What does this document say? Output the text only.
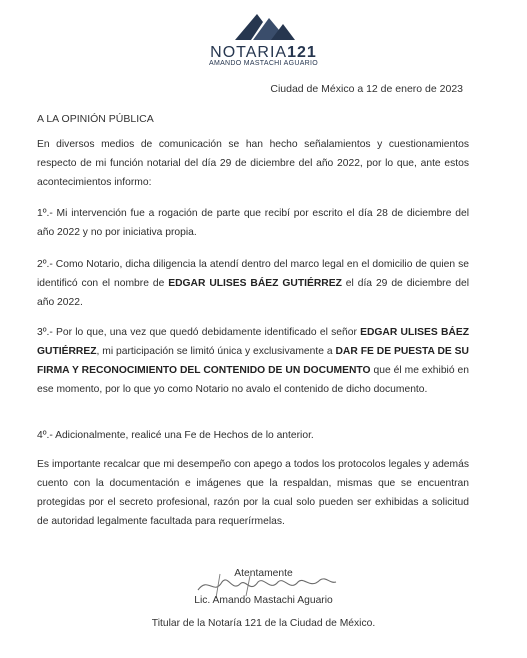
NOTARIA121
AMANDO MASTACHI AGUARIO
Ciudad de México a 12 de enero de 2023
A LA OPINIÓN PÚBLICA
En diversos medios de comunicación se han hecho señalamientos y cuestionamientos respecto de mi función notarial del día 29 de diciembre del año 2022, por lo que, ante estos acontecimientos informo:
1º.- Mi intervención fue a rogación de parte que recibí por escrito el día 28 de diciembre del año 2022 y no por iniciativa propia.
2º.- Como Notario, dicha diligencia la atendí dentro del marco legal en el domicilio de quien se identificó con el nombre de EDGAR ULISES BÁEZ GUTIÉRREZ el día 29 de diciembre del año 2022.
3º.- Por lo que, una vez que quedó debidamente identificado el señor EDGAR ULISES BÁEZ GUTIÉRREZ, mi participación se limitó única y exclusivamente a DAR FE DE PUESTA DE SU FIRMA Y RECONOCIMIENTO DEL CONTENIDO DE UN DOCUMENTO que él me exhibió en ese momento, por lo que yo como Notario no avalo el contenido de dicho documento.
4º.- Adicionalmente, realicé una Fe de Hechos de lo anterior.
Es importante recalcar que mi desempeño con apego a todos los protocolos legales y además cuento con la documentación e imágenes que la respaldan, mismas que se encuentran protegidas por el secreto profesional, razón por la cual solo pueden ser exhibidas a solicitud de autoridad legalmente facultada para requerírmelas.
Atentamente
Lic. Amando Mastachi Aguario
Titular de la Notaría 121 de la Ciudad de México.
